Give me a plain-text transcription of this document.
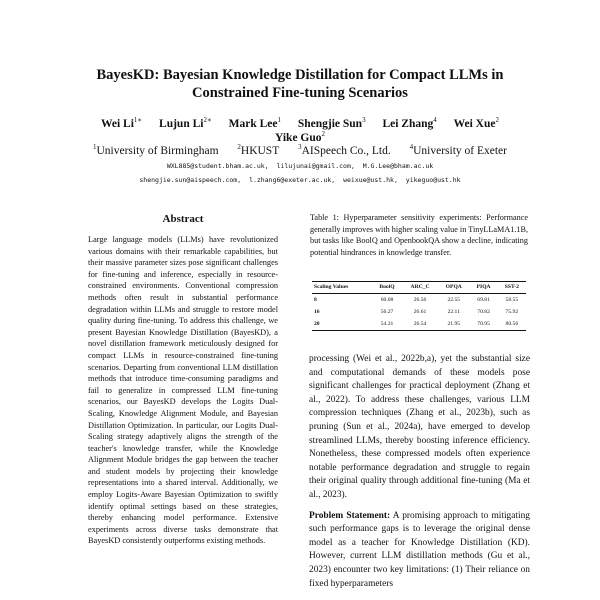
BayesKD: Bayesian Knowledge Distillation for Compact LLMs in Constrained Fine-tuning Scenarios
Wei $Li^{1∗}$ Lujun $Li^{2∗}$ Mark Lee$^1$ Shengjie Sun$^3$ Lei Zhang$^4$ Wei Xue$^2$
Yike Guo$^2$
$^1$University of Birmingham	$^2$HKUST	$^3$AISpeech Co., Ltd.	$^4$University of Exeter
WXL885@student.bham.ac.uk, lilujunai@gmail.com, M.G.Lee@bham.ac.uk
shengjie.sun@aispeech.com, l.zhang6@exeter.ac.uk, weixue@ust.hk, yikeguo@ust.hk
Abstract
Large language models (LLMs) have revolutionized various domains with their remarkable capabilities, but their massive parameter sizes pose significant challenges for fine-tuning and inference, especially in resource-constrained environments. Conventional compression methods often result in substantial performance degradation within LLMs and struggle to restore model quality during fine-tuning. To address this challenge, we present Bayesian Knowledge Distillation (BayesKD), a novel distillation framework meticulously designed for compact LLMs in resource-constrained fine-tuning scenarios. Departing from conventional LLM distillation methods that introduce time-consuming paradigms and fail to generalize in compressed LLM fine-tuning scenarios, our BayesKD develops the Logits Dual-Scaling, Knowledge Alignment Module, and Bayesian Distillation Optimization. In particular, our Logits Dual-Scaling strategy adaptively aligns the strength of the teacher's knowledge transfer, while the Knowledge Alignment Module bridges the gap between the teacher and student models by projecting their knowledge representations into a shared interval. Additionally, we employ Logits-Aware Bayesian Optimization to swiftly identify optimal settings based on these strategies, thereby enhancing model performance. Extensive experiments across diverse tasks demonstrate that BayesKD consistently outperforms existing methods.
Table 1: Hyperparameter sensitivity experiments: Performance generally improves with higher scaling value in TinyLLaMA1.1B, but tasks like BoolQ and OpenbookQA show a decline, indicating potential hindrances in knowledge transfer.
Scaling Values	BoolQ	ARC_C	OPQA	PIQA	SST-2
8	60.08	26.56	22.55	69.81	58.55
16	56.27	26.61	22.11	70.82	75.92
20	54.31	26.54	21.95	70.95	80.56

processing (Wei et al., 2022b,a), yet the substantial size and computational demands of these models pose significant challenges for practical deployment (Zhang et al., 2022). To address these challenges, various LLM compression techniques (Zhang et al., 2023b), such as pruning (Sun et al., 2024a), have emerged to develop streamlined LLMs, thereby boosting inference efficiency. Nonetheless, these compressed models often experience notable performance degradation and struggle to regain their original quality through additional fine-tuning (Ma et al., 2023).

Problem Statement: A promising approach to mitigating such performance gaps is to leverage the original dense model as a teacher for Knowledge Distillation (KD). However, current LLM distillation methods (Gu et al., 2023) encounter two key limitations: (1) Their reliance on fixed hyperparameters
